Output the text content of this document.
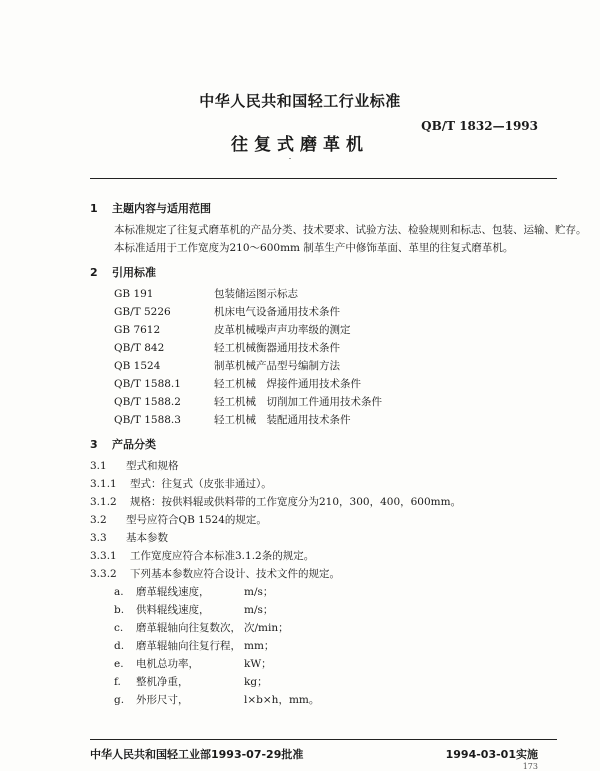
中华人民共和国轻工行业标准
QB/T 1832—1993
往复式磨革机
1 主题内容与适用范围
本标准规定了往复式磨革机的产品分类、技术要求、试验方法、检验规则和标志、包装、运输、贮存。
本标准适用于工作宽度为210～600mm 制革生产中修饰革面、革里的往复式磨革机。
2 引用标准
GB 191	包装储运图示标志
GB/T 5226	机床电气设备通用技术条件
GB 7612	皮革机械噪声声功率级的测定
QB/T 842	轻工机械衡器通用技术条件
QB 1524	制革机械产品型号编制方法
QB/T 1588.1	轻工机械　焊接件通用技术条件
QB/T 1588.2	轻工机械　切削加工件通用技术条件
QB/T 1588.3	轻工机械　装配通用技术条件
3 产品分类
3.1 型式和规格
3.1.1 型式：往复式（皮张非通过）。
3.1.2 规格：按供料辊或供料带的工作宽度分为210，300，400，600mm。
3.2 型号应符合QB 1524的规定。
3.3 基本参数
3.3.1 工作宽度应符合本标准3.1.2条的规定。
3.3.2 下列基本参数应符合设计、技术文件的规定。
a. 磨革辊线速度，	m/s；
b. 供料辊线速度，	m/s；
c. 磨革辊轴向往复数次， 次/min；
d. 磨革辊轴向往复行程， mm；
e. 电机总功率，	kW；
f. 整机净重，	kg；
g. 外形尺寸，	l×b×h，mm。
中华人民共和国轻工业部1993-07-29批准	1994-03-01实施
173
